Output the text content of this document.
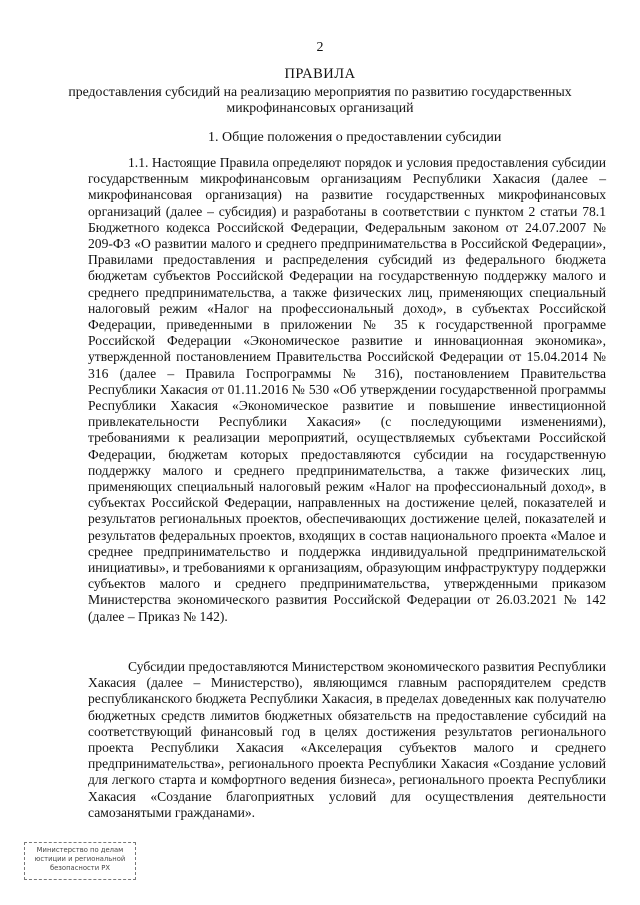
2
ПРАВИЛА
предоставления субсидий на реализацию мероприятия по развитию государственных микрофинансовых организаций
1. Общие положения о предоставлении субсидии

1.1. Настоящие Правила определяют порядок и условия предоставления субсидии государственным микрофинансовым организациям Республики Хакасия (далее – микрофинансовая организация) на развитие государственных микрофинансовых организаций (далее – субсидия) и разработаны в соответствии с пунктом 2 статьи 78.1 Бюджетного кодекса Российской Федерации, Федеральным законом от 24.07.2007 № 209-ФЗ «О развитии малого и среднего предпринимательства в Российской Федерации», Правилами предоставления и распределения субсидий из федерального бюджета бюджетам субъектов Российской Федерации на государственную поддержку малого и среднего предпринимательства, а также физических лиц, применяющих специальный налоговый режим «Налог на профессиональный доход», в субъектах Российской Федерации, приведенными в приложении № 35 к государственной программе Российской Федерации «Экономическое развитие и инновационная экономика», утвержденной постановлением Правительства Российской Федерации от 15.04.2014 № 316 (далее – Правила Госпрограммы № 316), постановлением Правительства Республики Хакасия от 01.11.2016 № 530 «Об утверждении государственной программы Республики Хакасия «Экономическое развитие и повышение инвестиционной привлекательности Республики Хакасия» (с последующими изменениями), требованиями к реализации мероприятий, осуществляемых субъектами Российской Федерации, бюджетам которых предоставляются субсидии на государственную поддержку малого и среднего предпринимательства, а также физических лиц, применяющих специальный налоговый режим «Налог на профессиональный доход», в субъектах Российской Федерации, направленных на достижение целей, показателей и результатов региональных проектов, обеспечивающих достижение целей, показателей и результатов федеральных проектов, входящих в состав национального проекта «Малое и среднее предпринимательство и поддержка индивидуальной предпринимательской инициативы», и требованиями к организациям, образующим инфраструктуру поддержки субъектов малого и среднего предпринимательства, утвержденными приказом Министерства экономического развития Российской Федерации от 26.03.2021 № 142 (далее – Приказ № 142).

Субсидии предоставляются Министерством экономического развития Республики Хакасия (далее – Министерство), являющимся главным распорядителем средств республиканского бюджета Республики Хакасия, в пределах доведенных как получателю бюджетных средств лимитов бюджетных обязательств на предоставление субсидий на соответствующий финансовый год в целях достижения результатов регионального проекта Республики Хакасия «Акселерация субъектов малого и среднего предпринимательства», регионального проекта Республики Хакасия «Создание условий для легкого старта и комфортного ведения бизнеса», регионального проекта Республики Хакасия «Создание благоприятных условий для осуществления деятельности самозанятыми гражданами».

Министерство по делам
юстиции и региональной
безопасности РХ
